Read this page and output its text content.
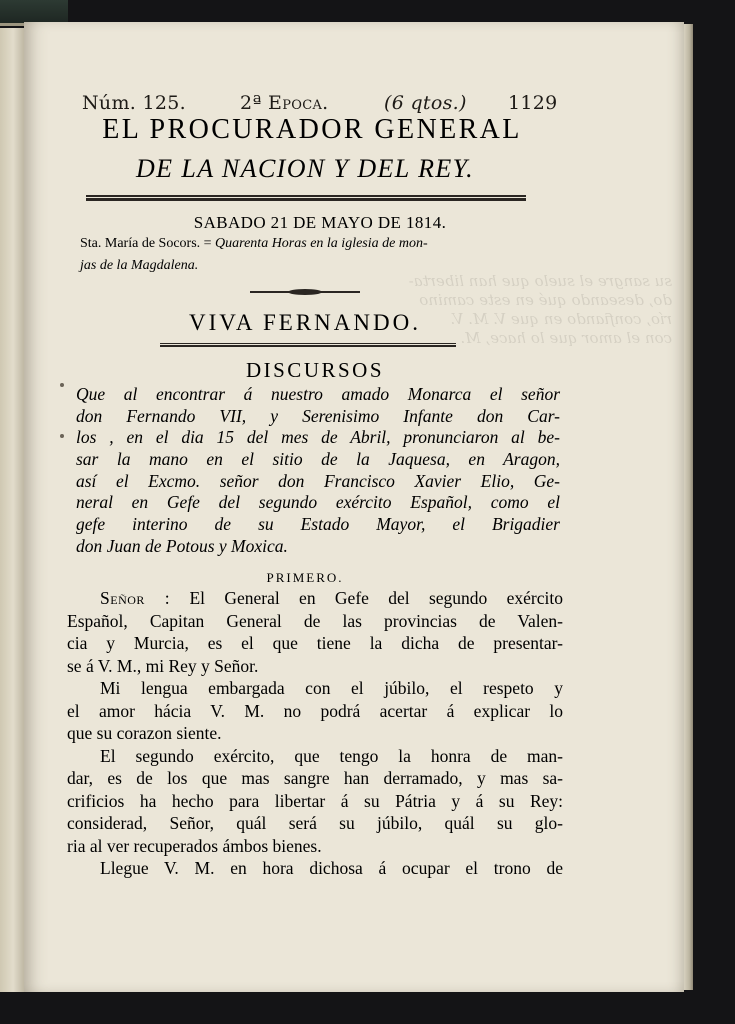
su sangre el suelo que han liberta-
do, deseando qué en este camino
río, confiando en que V. M. V.
con el amor que lo hace, M.
Núm. 125.	2ª Epoca.	(6 qtos.) 1129
EL PROCURADOR GENERAL
DE LA NACION Y DEL REY.
SABADO 21 DE MAYO DE 1814.
Sta. María de Socors. = Quarenta Horas en la iglesia de mon-
jas de la Magdalena.
VIVA FERNANDO.
DISCURSOS
Que al encontrar á nuestro amado Monarca el señor
don Fernando VII, y Serenisimo Infante don Car-
los , en el dia 15 del mes de Abril, pronunciaron al be-
sar la mano en el sitio de la Jaquesa, en Aragon,
así el Excmo. señor don Francisco Xavier Elio, Ge-
neral en Gefe del segundo exército Español, como el
gefe interino de su Estado Mayor, el Brigadier
don Juan de Potous y Moxica.
PRIMERO.
Señor : El General en Gefe del segundo exército
Español, Capitan General de las provincias de Valen-
cia y Murcia, es el que tiene la dicha de presentar-
se á V. M., mi Rey y Señor.
Mi lengua embargada con el júbilo, el respeto y
el amor hácia V. M. no podrá acertar á explicar lo
que su corazon siente.
El segundo exército, que tengo la honra de man-
dar, es de los que mas sangre han derramado, y mas sa-
crificios ha hecho para libertar á su Pátria y á su Rey:
considerad, Señor, quál será su júbilo, quál su glo-
ria al ver recuperados ámbos bienes.
Llegue V. M. en hora dichosa á ocupar el trono de
